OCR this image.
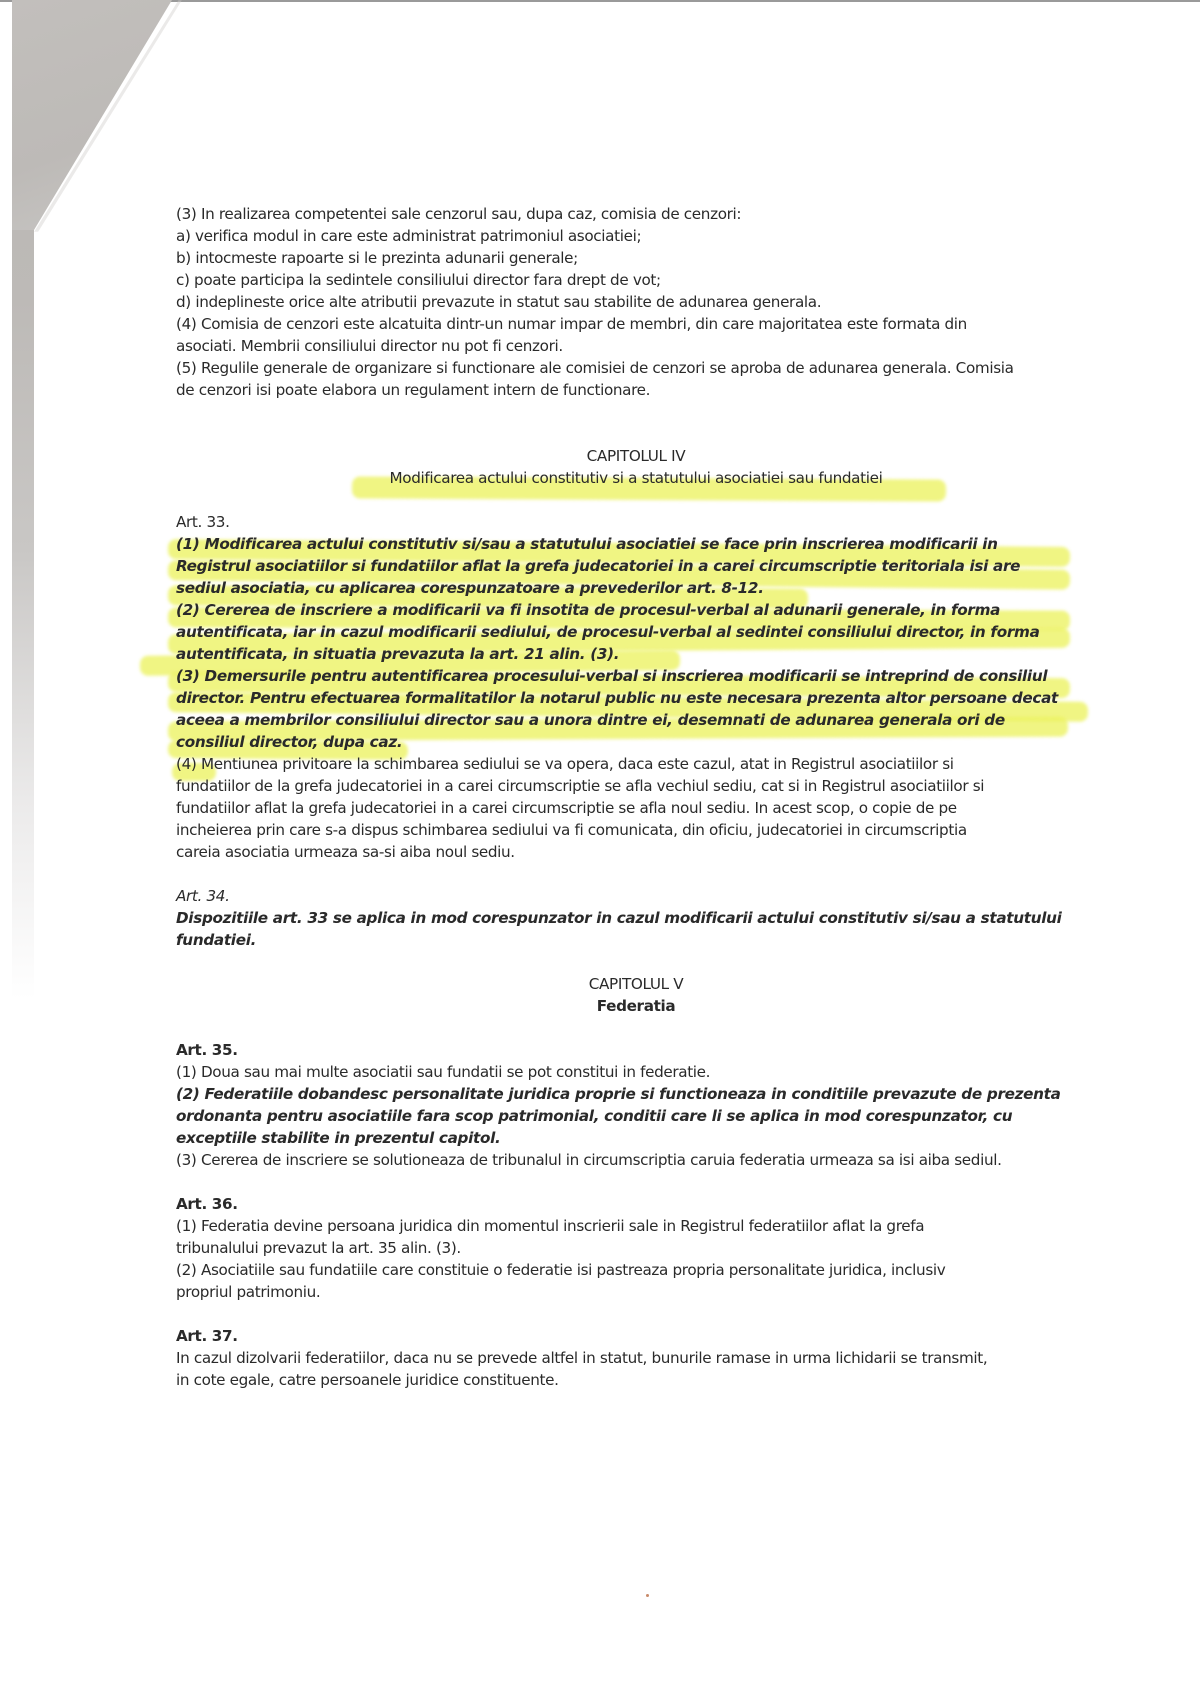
(3) In realizarea competentei sale cenzorul sau, dupa caz, comisia de cenzori:
a) verifica modul in care este administrat patrimoniul asociatiei;
b) intocmeste rapoarte si le prezinta adunarii generale;
c) poate participa la sedintele consiliului director fara drept de vot;
d) indeplineste orice alte atributii prevazute in statut sau stabilite de adunarea generala.
(4) Comisia de cenzori este alcatuita dintr-un numar impar de membri, din care majoritatea este formata din
asociati. Membrii consiliului director nu pot fi cenzori.
(5) Regulile generale de organizare si functionare ale comisiei de cenzori se aproba de adunarea generala. Comisia
de cenzori isi poate elabora un regulament intern de functionare.
CAPITOLUL IV
Modificarea actului constitutiv si a statutului asociatiei sau fundatiei
Art. 33.
(1) Modificarea actului constitutiv si/sau a statutului asociatiei se face prin inscrierea modificarii in
Registrul asociatiilor si fundatiilor aflat la grefa judecatoriei in a carei circumscriptie teritoriala isi are
sediul asociatia, cu aplicarea corespunzatoare a prevederilor art. 8-12.
(2) Cererea de inscriere a modificarii va fi insotita de procesul-verbal al adunarii generale, in forma
autentificata, iar in cazul modificarii sediului, de procesul-verbal al sedintei consiliului director, in forma
autentificata, in situatia prevazuta la art. 21 alin. (3).
(3) Demersurile pentru autentificarea procesului-verbal si inscrierea modificarii se intreprind de consiliul
director. Pentru efectuarea formalitatilor la notarul public nu este necesara prezenta altor persoane decat
aceea a membrilor consiliului director sau a unora dintre ei, desemnati de adunarea generala ori de
consiliul director, dupa caz.
(4) Mentiunea privitoare la schimbarea sediului se va opera, daca este cazul, atat in Registrul asociatiilor si
fundatiilor de la grefa judecatoriei in a carei circumscriptie se afla vechiul sediu, cat si in Registrul asociatiilor si
fundatiilor aflat la grefa judecatoriei in a carei circumscriptie se afla noul sediu. In acest scop, o copie de pe
incheierea prin care s-a dispus schimbarea sediului va fi comunicata, din oficiu, judecatoriei in circumscriptia
careia asociatia urmeaza sa-si aiba noul sediu.
Art. 34.
Dispozitiile art. 33 se aplica in mod corespunzator in cazul modificarii actului constitutiv si/sau a statutului
fundatiei.
CAPITOLUL V
Federatia
Art. 35.
(1) Doua sau mai multe asociatii sau fundatii se pot constitui in federatie.
(2) Federatiile dobandesc personalitate juridica proprie si functioneaza in conditiile prevazute de prezenta
ordonanta pentru asociatiile fara scop patrimonial, conditii care li se aplica in mod corespunzator, cu
exceptiile stabilite in prezentul capitol.
(3) Cererea de inscriere se solutioneaza de tribunalul in circumscriptia caruia federatia urmeaza sa isi aiba sediul.
Art. 36.
(1) Federatia devine persoana juridica din momentul inscrierii sale in Registrul federatiilor aflat la grefa
tribunalului prevazut la art. 35 alin. (3).
(2) Asociatiile sau fundatiile care constituie o federatie isi pastreaza propria personalitate juridica, inclusiv
propriul patrimoniu.
Art. 37.
In cazul dizolvarii federatiilor, daca nu se prevede altfel in statut, bunurile ramase in urma lichidarii se transmit,
in cote egale, catre persoanele juridice constituente.
